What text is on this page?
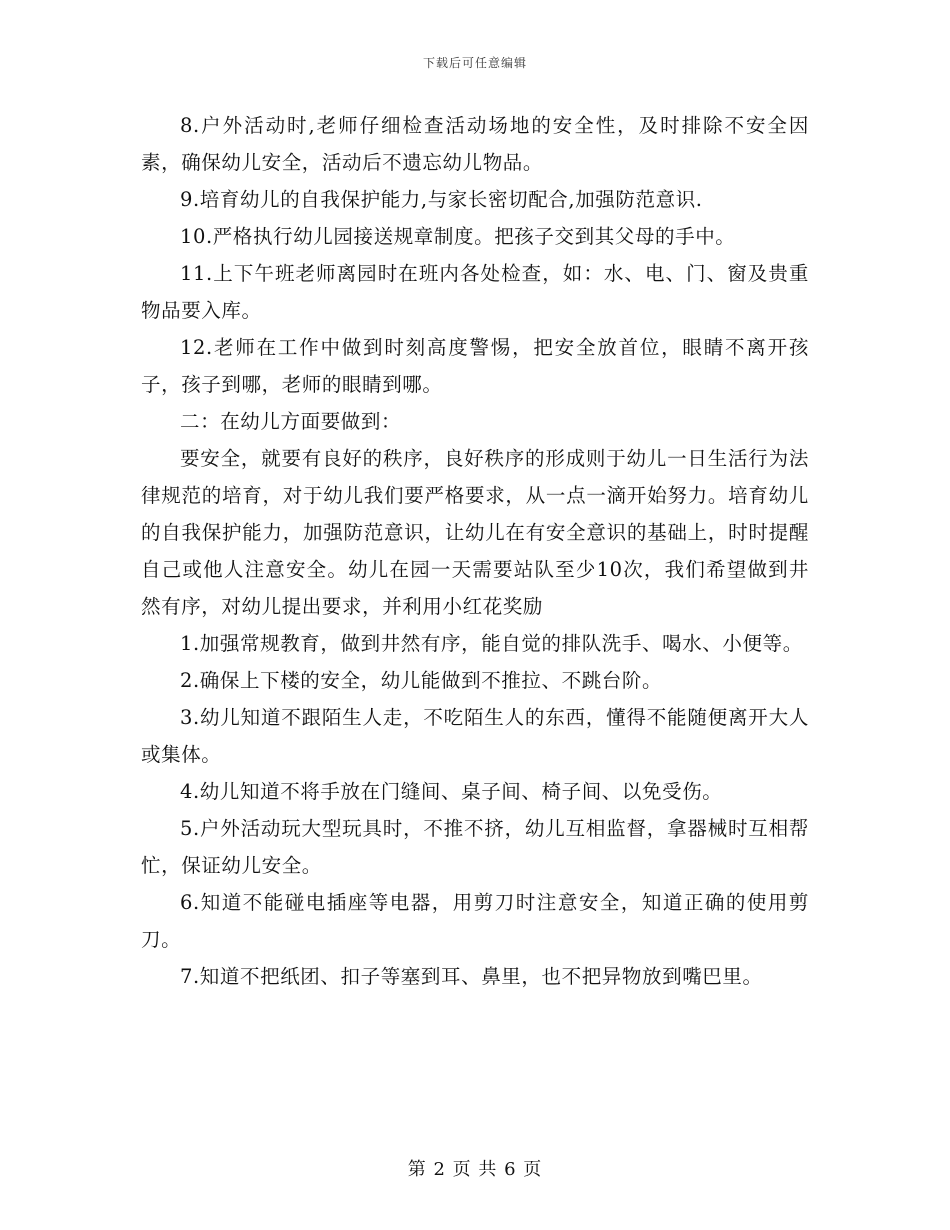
下载后可任意编辑

8.户外活动时,老师仔细检查活动场地的安全性，及时排除不安全因素，确保幼儿安全，活动后不遗忘幼儿物品。

9.培育幼儿的自我保护能力,与家长密切配合,加强防范意识.

10.严格执行幼儿园接送规章制度。把孩子交到其父母的手中。

11.上下午班老师离园时在班内各处检查，如：水、电、门、窗及贵重物品要入库。

12.老师在工作中做到时刻高度警惕，把安全放首位，眼睛不离开孩子，孩子到哪，老师的眼睛到哪。

二：在幼儿方面要做到：

要安全，就要有良好的秩序，良好秩序的形成则于幼儿一日生活行为法律规范的培育，对于幼儿我们要严格要求，从一点一滴开始努力。培育幼儿的自我保护能力，加强防范意识，让幼儿在有安全意识的基础上，时时提醒自己或他人注意安全。幼儿在园一天需要站队至少10次，我们希望做到井然有序，对幼儿提出要求，并利用小红花奖励

1.加强常规教育，做到井然有序，能自觉的排队洗手、喝水、小便等。

2.确保上下楼的安全，幼儿能做到不推拉、不跳台阶。

3.幼儿知道不跟陌生人走，不吃陌生人的东西，懂得不能随便离开大人或集体。

4.幼儿知道不将手放在门缝间、桌子间、椅子间、以免受伤。

5.户外活动玩大型玩具时，不推不挤，幼儿互相监督，拿器械时互相帮忙，保证幼儿安全。

6.知道不能碰电插座等电器，用剪刀时注意安全，知道正确的使用剪刀。

7.知道不把纸团、扣子等塞到耳、鼻里，也不把异物放到嘴巴里。

第 2 页 共 6 页
